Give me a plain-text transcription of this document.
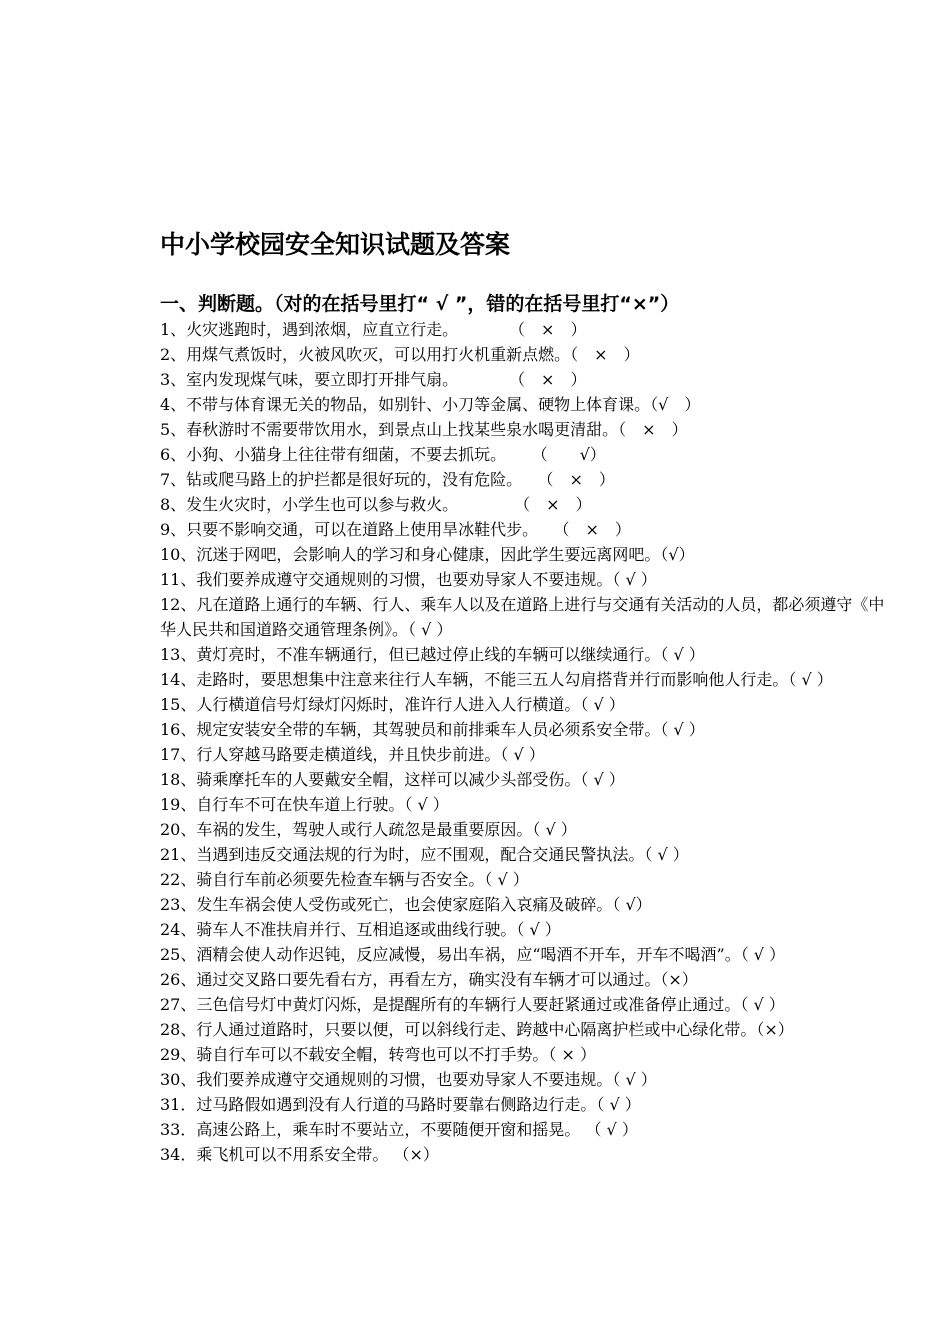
中小学校园安全知识试题及答案
一、判断题。（对的在括号里打“ √ ”，错的在括号里打“×”）
1、火灾逃跑时，遇到浓烟，应直立行走。          （　×　）
2、用煤气煮饭时，火被风吹灭，可以用打火机重新点燃。（　×　）
3、室内发现煤气味，要立即打开排气扇。          （　×　）
4、不带与体育课无关的物品，如别针、小刀等金属、硬物上体育课。（√　）
5、春秋游时不需要带饮用水，到景点山上找某些泉水喝更清甜。（　×　）
6、小狗、小猫身上往往带有细菌，不要去抓玩。     （　　√）
7、钻或爬马路上的护拦都是很好玩的，没有危险。   （　×　）
8、发生火灾时，小学生也可以参与救火。           （　×　）
9、只要不影响交通，可以在道路上使用旱冰鞋代步。   （　×　）
10、沉迷于网吧，会影响人的学习和身心健康，因此学生要远离网吧。（√）
11、我们要养成遵守交通规则的习惯，也要劝导家人不要违规。（ √ ）
12、凡在道路上通行的车辆、行人、乘车人以及在道路上进行与交通有关活动的人员，都必须遵守《中华人民共和国道路交通管理条例》。（ √ ）
13、黄灯亮时，不准车辆通行，但已越过停止线的车辆可以继续通行。（ √ ）
14、走路时，要思想集中注意来往行人车辆，不能三五人勾肩搭背并行而影响他人行走。（ √ ）
15、人行横道信号灯绿灯闪烁时，准许行人进入人行横道。（ √ ）
16、规定安装安全带的车辆，其驾驶员和前排乘车人员必须系安全带。（ √ ）
17、行人穿越马路要走横道线，并且快步前进。（ √ ）
18、骑乘摩托车的人要戴安全帽，这样可以减少头部受伤。（ √ ）
19、自行车不可在快车道上行驶。（ √ ）
20、车祸的发生，驾驶人或行人疏忽是最重要原因。（ √ ）
21、当遇到违反交通法规的行为时，应不围观，配合交通民警执法。（ √ ）
22、骑自行车前必须要先检查车辆与否安全。（ √ ）
23、发生车祸会使人受伤或死亡，也会使家庭陷入哀痛及破碎。（ √）
24、骑车人不准扶肩并行、互相追逐或曲线行驶。（ √ ）
25、酒精会使人动作迟钝，反应减慢，易出车祸，应“喝酒不开车，开车不喝酒”。（ √ ）
26、通过交叉路口要先看右方，再看左方，确实没有车辆才可以通过。（×）
27、三色信号灯中黄灯闪烁，是提醒所有的车辆行人要赶紧通过或准备停止通过。（ √ ）
28、行人通过道路时，只要以便，可以斜线行走、跨越中心隔离护栏或中心绿化带。（×）
29、骑自行车可以不载安全帽，转弯也可以不打手势。（ × ）
30、我们要养成遵守交通规则的习惯，也要劝导家人不要违规。（ √ ）
31．过马路假如遇到没有人行道的马路时要靠右侧路边行走。（ √ ）
33．高速公路上，乘车时不要站立，不要随便开窗和摇晃。 （ √ ）
34．乘飞机可以不用系安全带。 （×）
